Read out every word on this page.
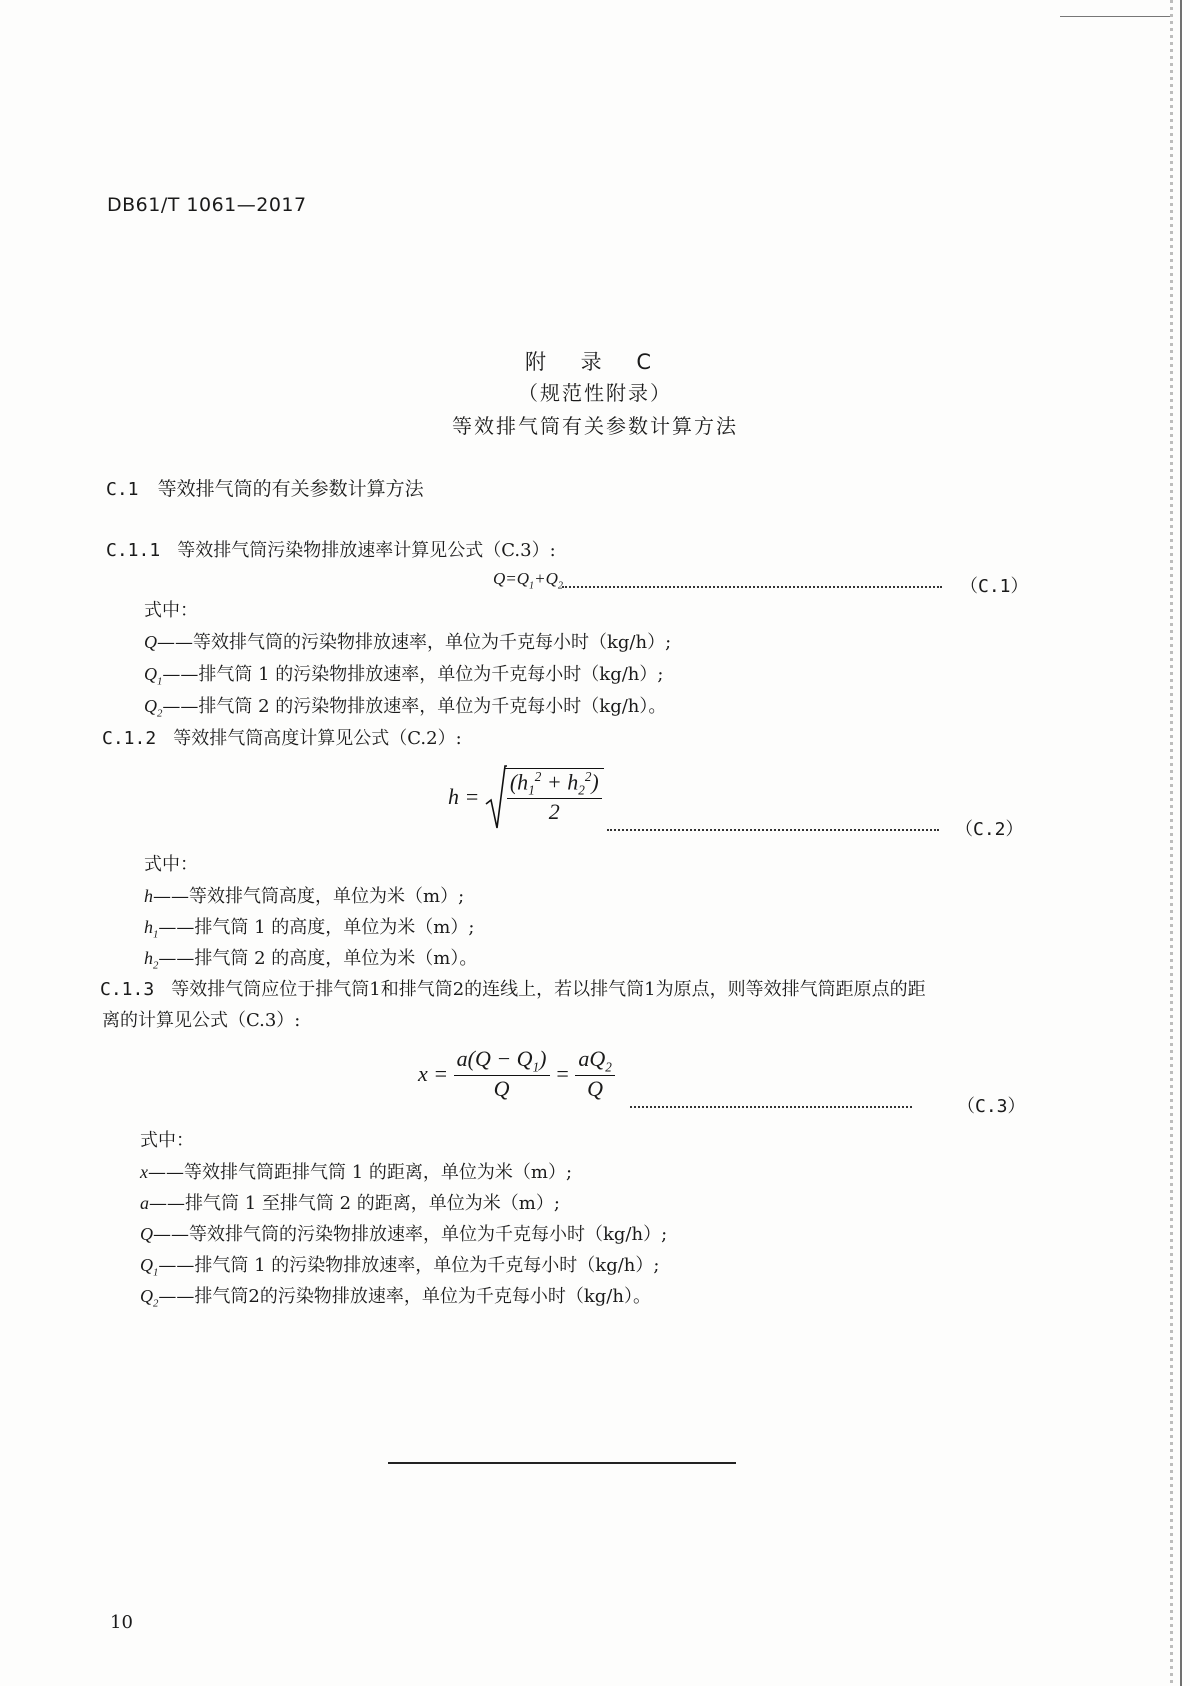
DB61/T 1061—2017
附 录 C
（规范性附录）
等效排气筒有关参数计算方法
C.1 等效排气筒的有关参数计算方法
C.1.1 等效排气筒污染物排放速率计算见公式（C.3）:
$Q=Q_1+Q_2$	（C.1）
式中：
Q——等效排气筒的污染物排放速率，单位为千克每小时（kg/h）;
$Q_1——$排气筒 1 的污染物排放速率，单位为千克每小时（kg/h）;
$Q_2——$排气筒 2 的污染物排放速率，单位为千克每小时（kg/h）。
C.1.2 等效排气筒高度计算见公式（C.2）:
$h = \frac{(h_1^2 + h_2^2)}{2}$
（C.2）
式中：
h——等效排气筒高度，单位为米（m）;
$h_1——$排气筒 1 的高度，单位为米（m）;
$h_2——$排气筒 2 的高度，单位为米（m）。
C.1.3 等效排气筒应位于排气筒1和排气筒2的连线上，若以排气筒1为原点，则等效排气筒距原点的距
离的计算见公式（C.3）:
$x = \frac{a(Q - Q_1)}{Q} = \frac{aQ_2}{Q}$
（C.3）
式中：
x——等效排气筒距排气筒 1 的距离，单位为米（m）;
a——排气筒 1 至排气筒 2 的距离，单位为米（m）;
Q——等效排气筒的污染物排放速率，单位为千克每小时（kg/h）;
$Q_1——$排气筒 1 的污染物排放速率，单位为千克每小时（kg/h）;
$Q_2——$排气筒2的污染物排放速率，单位为千克每小时（kg/h）。
10
